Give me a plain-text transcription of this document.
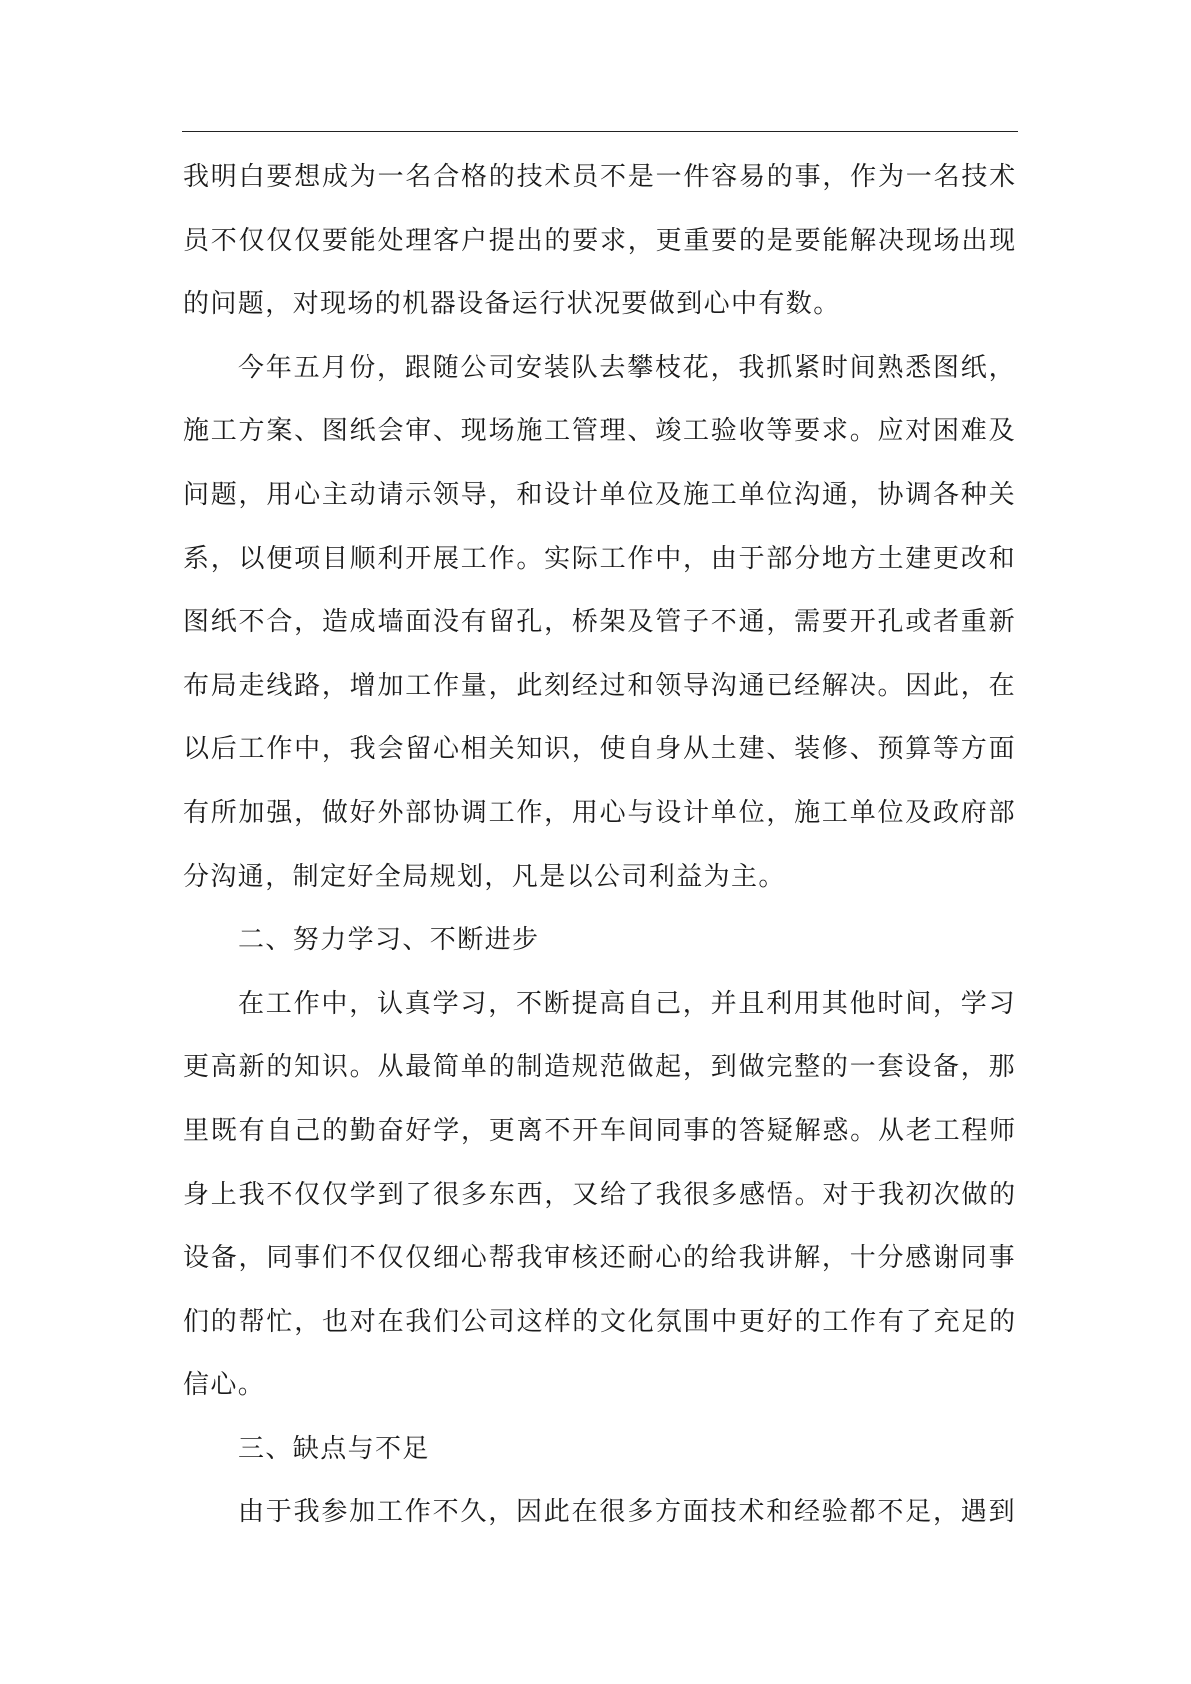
我明白要想成为一名合格的技术员不是一件容易的事，作为一名技术
员不仅仅仅要能处理客户提出的要求，更重要的是要能解决现场出现
的问题，对现场的机器设备运行状况要做到心中有数。
今年五月份，跟随公司安装队去攀枝花，我抓紧时间熟悉图纸，
施工方案、图纸会审、现场施工管理、竣工验收等要求。应对困难及
问题，用心主动请示领导，和设计单位及施工单位沟通，协调各种关
系，以便项目顺利开展工作。实际工作中，由于部分地方土建更改和
图纸不合，造成墙面没有留孔，桥架及管子不通，需要开孔或者重新
布局走线路，增加工作量，此刻经过和领导沟通已经解决。因此，在
以后工作中，我会留心相关知识，使自身从土建、装修、预算等方面
有所加强，做好外部协调工作，用心与设计单位，施工单位及政府部
分沟通，制定好全局规划，凡是以公司利益为主。
二、努力学习、不断进步
在工作中，认真学习，不断提高自己，并且利用其他时间，学习
更高新的知识。从最简单的制造规范做起，到做完整的一套设备，那
里既有自己的勤奋好学，更离不开车间同事的答疑解惑。从老工程师
身上我不仅仅学到了很多东西，又给了我很多感悟。对于我初次做的
设备，同事们不仅仅细心帮我审核还耐心的给我讲解，十分感谢同事
们的帮忙，也对在我们公司这样的文化氛围中更好的工作有了充足的
信心。
三、缺点与不足
由于我参加工作不久，因此在很多方面技术和经验都不足，遇到
